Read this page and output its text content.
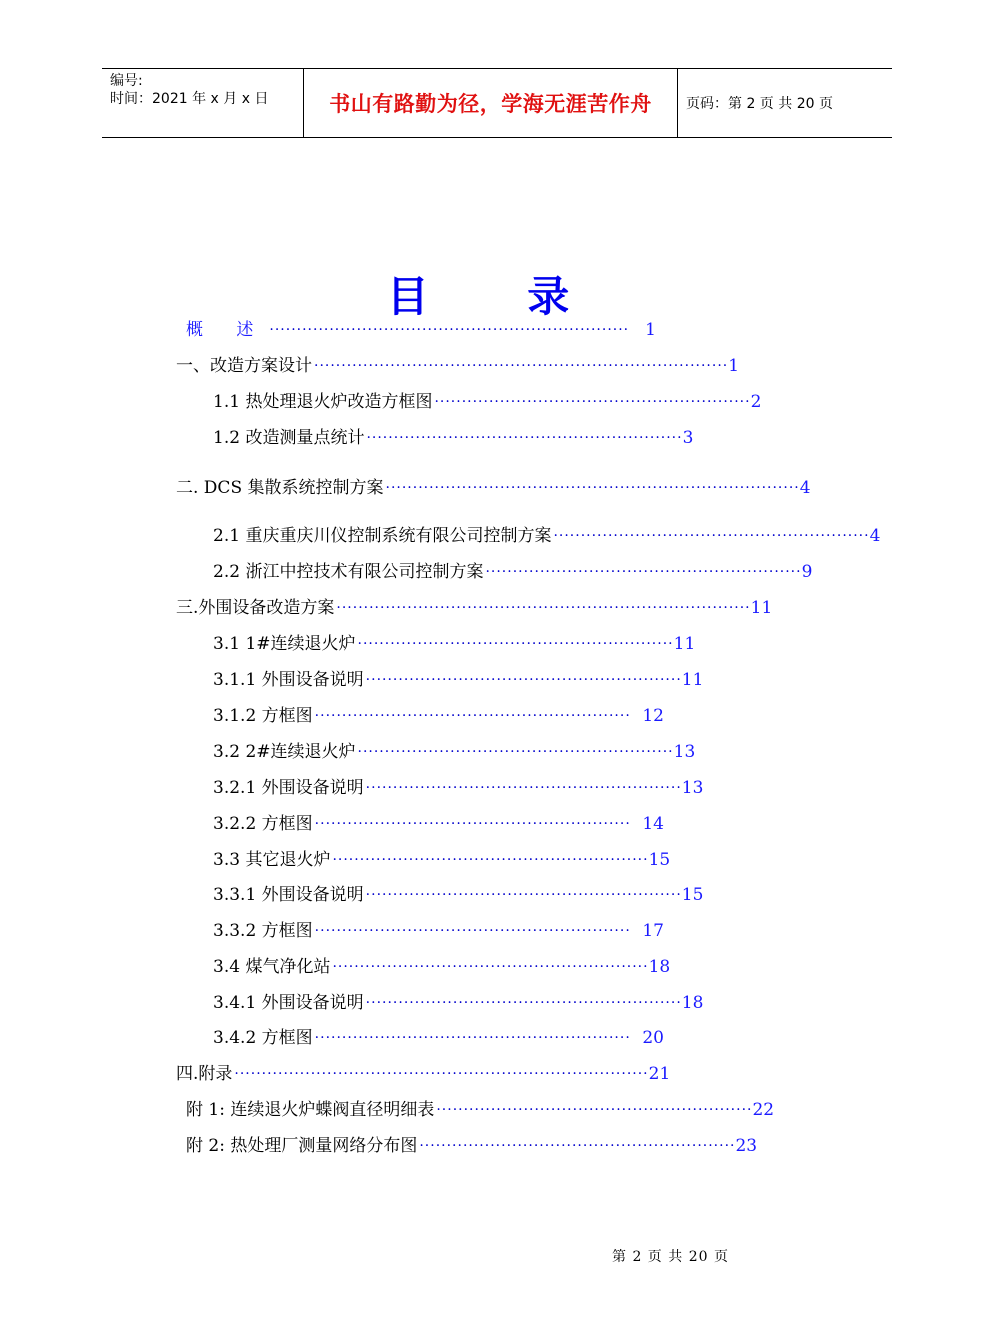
编号:
时间：2021 年 x 月 x 日	书山有路勤为径，学海无涯苦作舟	页码：第 2 页 共 20 页
目 录
概 述 ·································································· 1
一、改造方案设计 ············································································ 1
1.1 热处理退火炉改造方框图 ·························································· 2
1.2 改造测量点统计 ·························································· 3
二. DCS 集散系统控制方案 ············································································ 4
2.1 重庆重庆川仪控制系统有限公司控制方案 ·························································· 4
2.2 浙江中控技术有限公司控制方案 ·························································· 9
三.外围设备改造方案 ············································································ 11
3.1 1#连续退火炉 ·························································· 11
3.1.1 外围设备说明 ·························································· 11
3.1.2 方框图 ·························································· 12
3.2 2#连续退火炉 ·························································· 13
3.2.1 外围设备说明 ·························································· 13
3.2.2 方框图 ·························································· 14
3.3 其它退火炉 ·························································· 15
3.3.1 外围设备说明 ·························································· 15
3.3.2 方框图 ·························································· 17
3.4 煤气净化站 ·························································· 18
3.4.1 外围设备说明 ·························································· 18
3.4.2 方框图 ·························································· 20
四.附录 ············································································ 21
附 1: 连续退火炉蝶阀直径明细表 ·························································· 22
附 2: 热处理厂测量网络分布图 ·························································· 23
第 2 页 共 20 页
